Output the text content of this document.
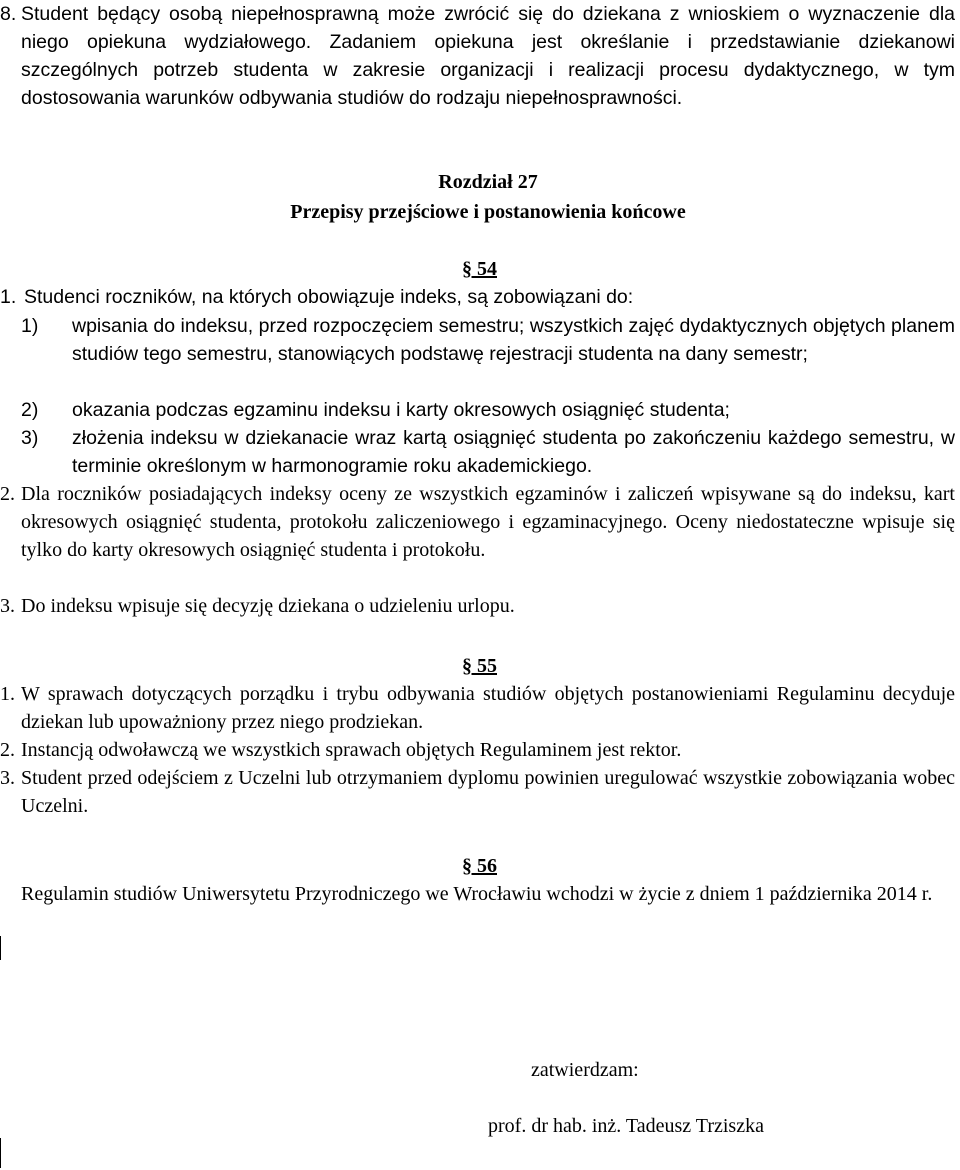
8. Student będący osobą niepełnosprawną może zwrócić się do dziekana z wnioskiem o wyznaczenie dla niego opiekuna wydziałowego. Zadaniem opiekuna jest określanie i przedstawianie dziekanowi szczególnych potrzeb studenta w zakresie organizacji i realizacji procesu dydaktycznego, w tym dostosowania warunków odbywania studiów do rodzaju niepełnosprawności.
Rozdział 27
Przepisy przejściowe i postanowienia końcowe
§ 54
1. Studenci roczników, na których obowiązuje indeks, są zobowiązani do:
1) wpisania do indeksu, przed rozpoczęciem semestru; wszystkich zajęć dydaktycznych objętych planem studiów tego semestru, stanowiących podstawę rejestracji studenta na dany semestr;
2) okazania podczas egzaminu indeksu i karty okresowych osiągnięć studenta;
3) złożenia indeksu w dziekanacie wraz kartą osiągnięć studenta po zakończeniu każdego semestru, w terminie określonym w harmonogramie roku akademickiego.
2. Dla roczników posiadających indeksy oceny ze wszystkich egzaminów i zaliczeń wpisywane są do indeksu, kart okresowych osiągnięć studenta, protokołu zaliczeniowego i egzaminacyjnego. Oceny niedostateczne wpisuje się tylko do karty okresowych osiągnięć studenta i protokołu.
3. Do indeksu wpisuje się decyzję dziekana o udzieleniu urlopu.
§ 55
1. W sprawach dotyczących porządku i trybu odbywania studiów objętych postanowieniami Regulaminu decyduje dziekan lub upoważniony przez niego prodziekan.
2. Instancją odwoławczą we wszystkich sprawach objętych Regulaminem jest rektor.
3. Student przed odejściem z Uczelni lub otrzymaniem dyplomu powinien uregulować wszystkie zobowiązania wobec Uczelni.
§ 56
Regulamin studiów Uniwersytetu Przyrodniczego we Wrocławiu wchodzi w życie z dniem 1 października 2014 r.
zatwierdzam:
prof. dr hab. inż. Tadeusz Trziszka
